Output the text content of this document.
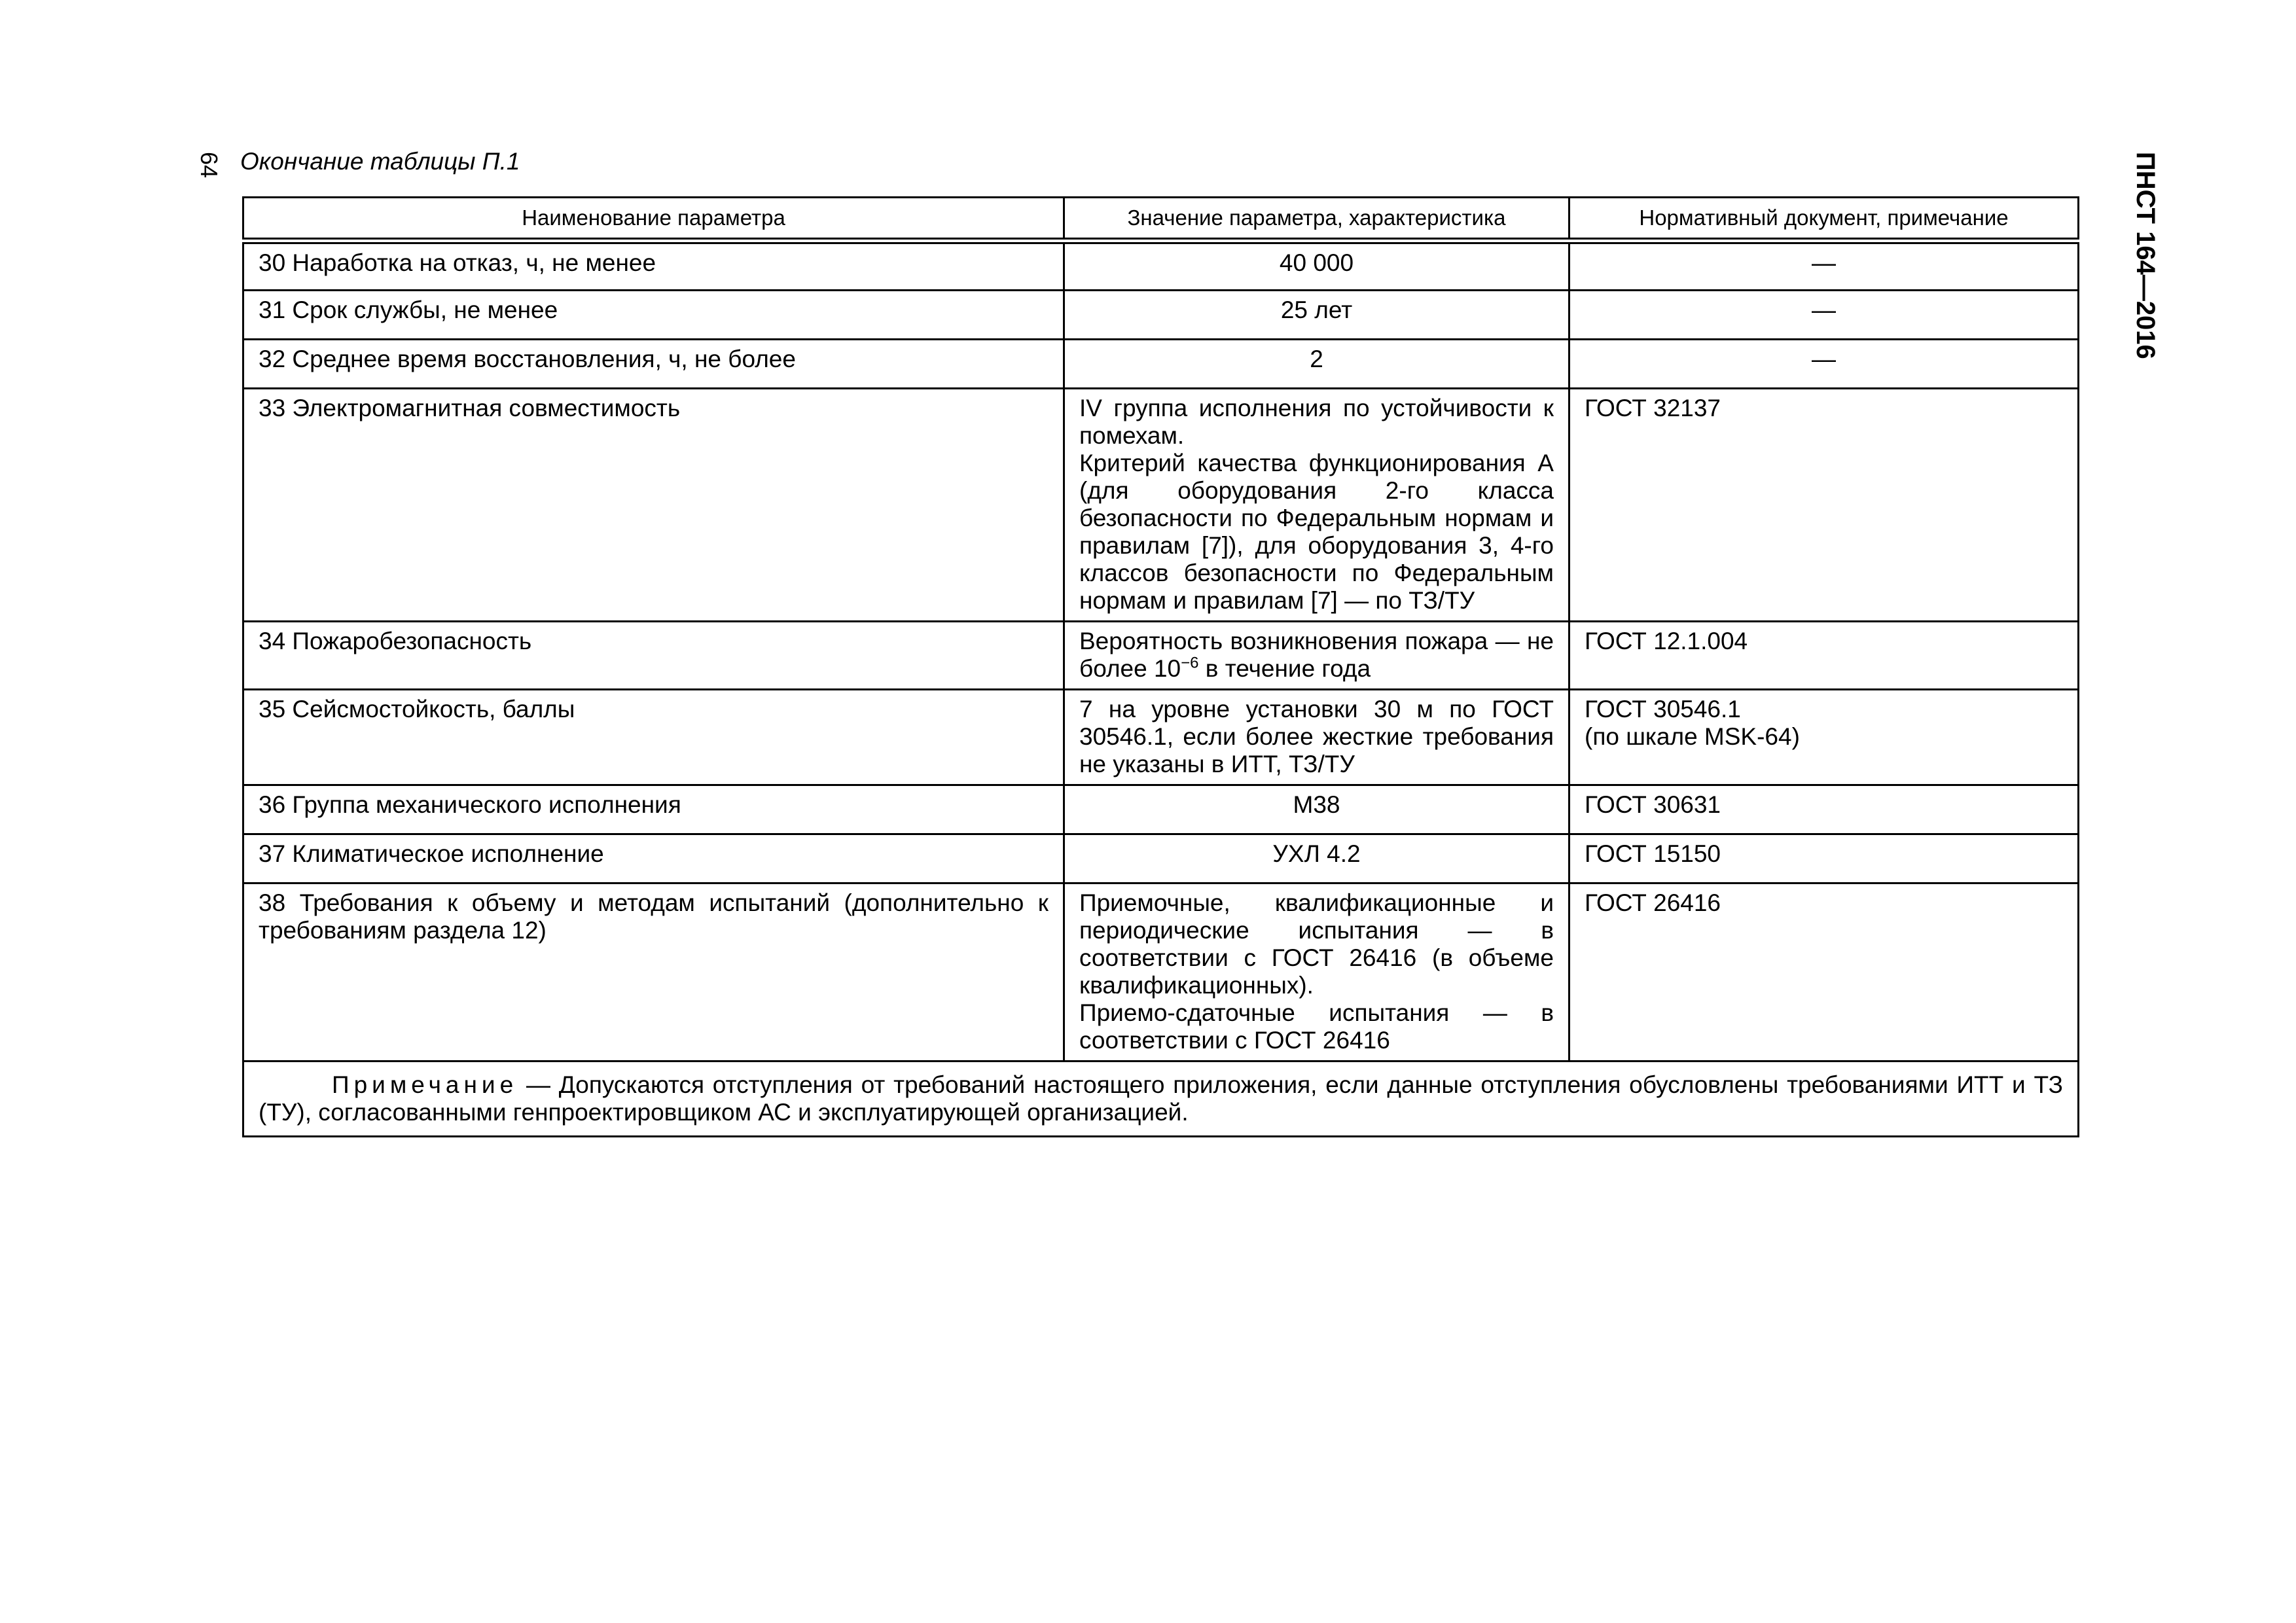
64 Окончание таблицы П.1	ПНСТ 164—2016
Наименование параметра	Значение параметра, характеристика	Нормативный документ, примечание
30 Наработка на отказ, ч, не менее	40 000	—
31 Срок службы, не менее	25 лет	—
32 Среднее время восстановления, ч, не более	2	—
33 Электромагнитная совместимость	IV группа исполнения по устойчивости к помехам.
Критерий качества функционирования А (для оборудования 2-го класса безопасности по Федеральным нормам и правилам [7]), для оборудования 3, 4-го классов безопасности по Федеральным нормам и правилам [7] — по ТЗ/ТУ	ГОСТ 32137
34 Пожаробезопасность	Вероятность возникновения пожара — не более $10^{-6}$ в течение года	ГОСТ 12.1.004
35 Сейсмостойкость, баллы	7 на уровне установки 30 м по ГОСТ 30546.1, если более жесткие требования не указаны в ИТТ, ТЗ/ТУ	ГОСТ 30546.1
(по шкале MSK-64)

36 Группа механического исполнения	М38	ГОСТ 30631
37 Климатическое исполнение	УХЛ 4.2	ГОСТ 15150
38 Требования к объему и методам испытаний (дополнительно к требованиям раздела 12)	Приемочные, квалификационные и периодические испытания — в соответствии с ГОСТ 26416 (в объеме квалификационных).
Приемо-сдаточные испытания — в соответствии с ГОСТ 26416	ГОСТ 26416
Примечание — Допускаются отступления от требований настоящего приложения, если данные отступления обусловлены требованиями ИТТ и ТЗ (ТУ), согласованными генпроектировщиком АС и эксплуатирующей организацией.		
